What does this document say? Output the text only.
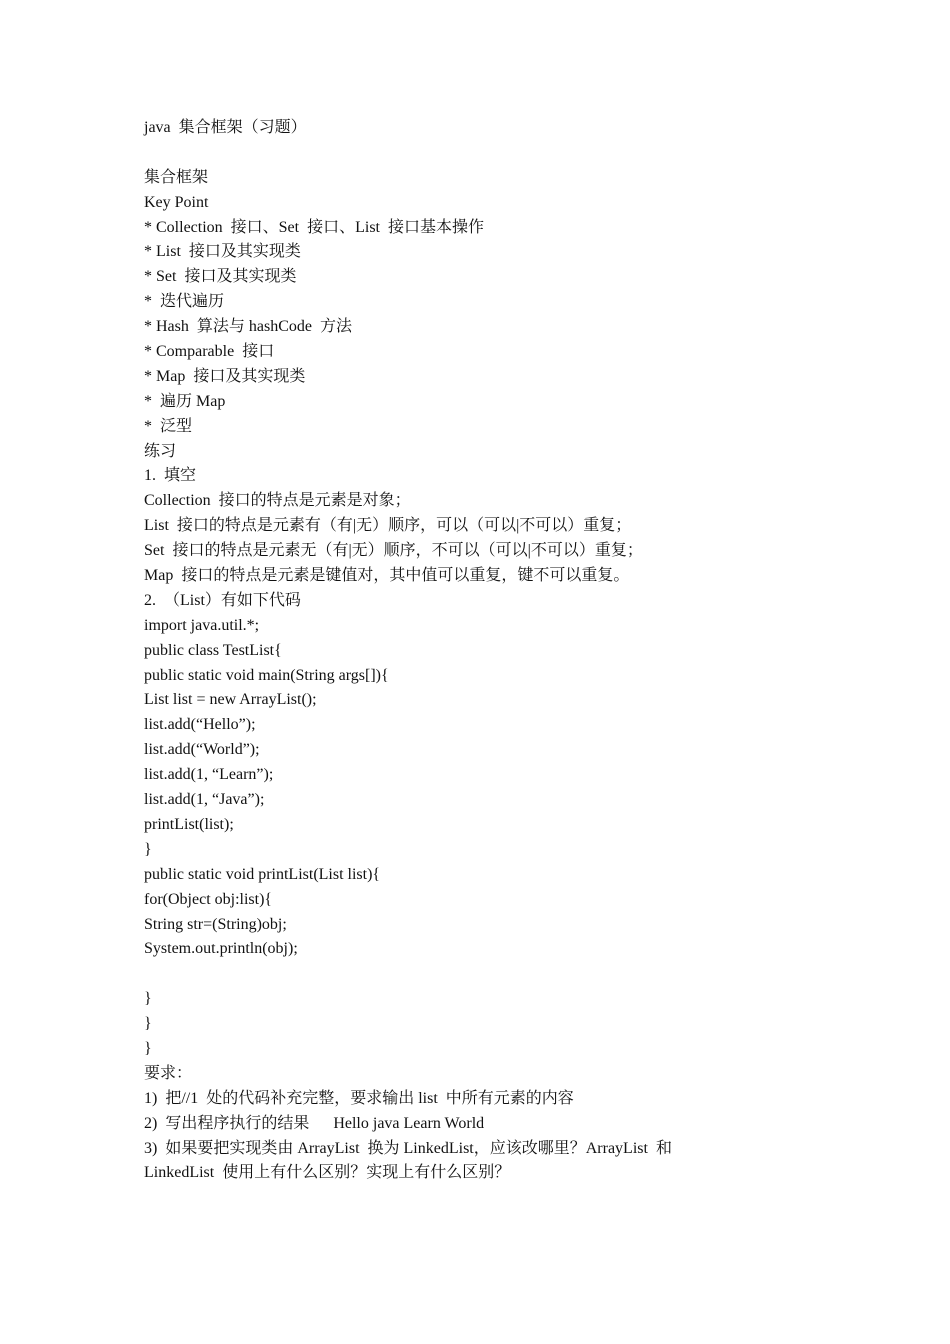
java  集合框架（习题）
集合框架
Key Point
* Collection  接口、Set  接口、List  接口基本操作
* List  接口及其实现类
* Set  接口及其实现类
*  迭代遍历
* Hash  算法与 hashCode  方法
* Comparable  接口
* Map  接口及其实现类
*  遍历 Map
*  泛型
练习
1.  填空
Collection  接口的特点是元素是对象；
List  接口的特点是元素有（有|无）顺序，可以（可以|不可以）重复；
Set  接口的特点是元素无（有|无）顺序，不可以（可以|不可以）重复；
Map  接口的特点是元素是键值对，其中值可以重复，键不可以重复。
2.  （List）有如下代码
import java.util.*;
public class TestList{
public static void main(String args[]){
List list = new ArrayList();
list.add(“Hello”);
list.add(“World”);
list.add(1, “Learn”);
list.add(1, “Java”);
printList(list);
}
public static void printList(List list){
for(Object obj:list){
String str=(String)obj;
System.out.println(obj);
}
}
}
要求：
1)  把//1  处的代码补充完整，要求输出 list  中所有元素的内容
2)  写出程序执行的结果      Hello java Learn World
3)  如果要把实现类由 ArrayList  换为 LinkedList，应该改哪里？ArrayList  和
LinkedList  使用上有什么区别？实现上有什么区别？
